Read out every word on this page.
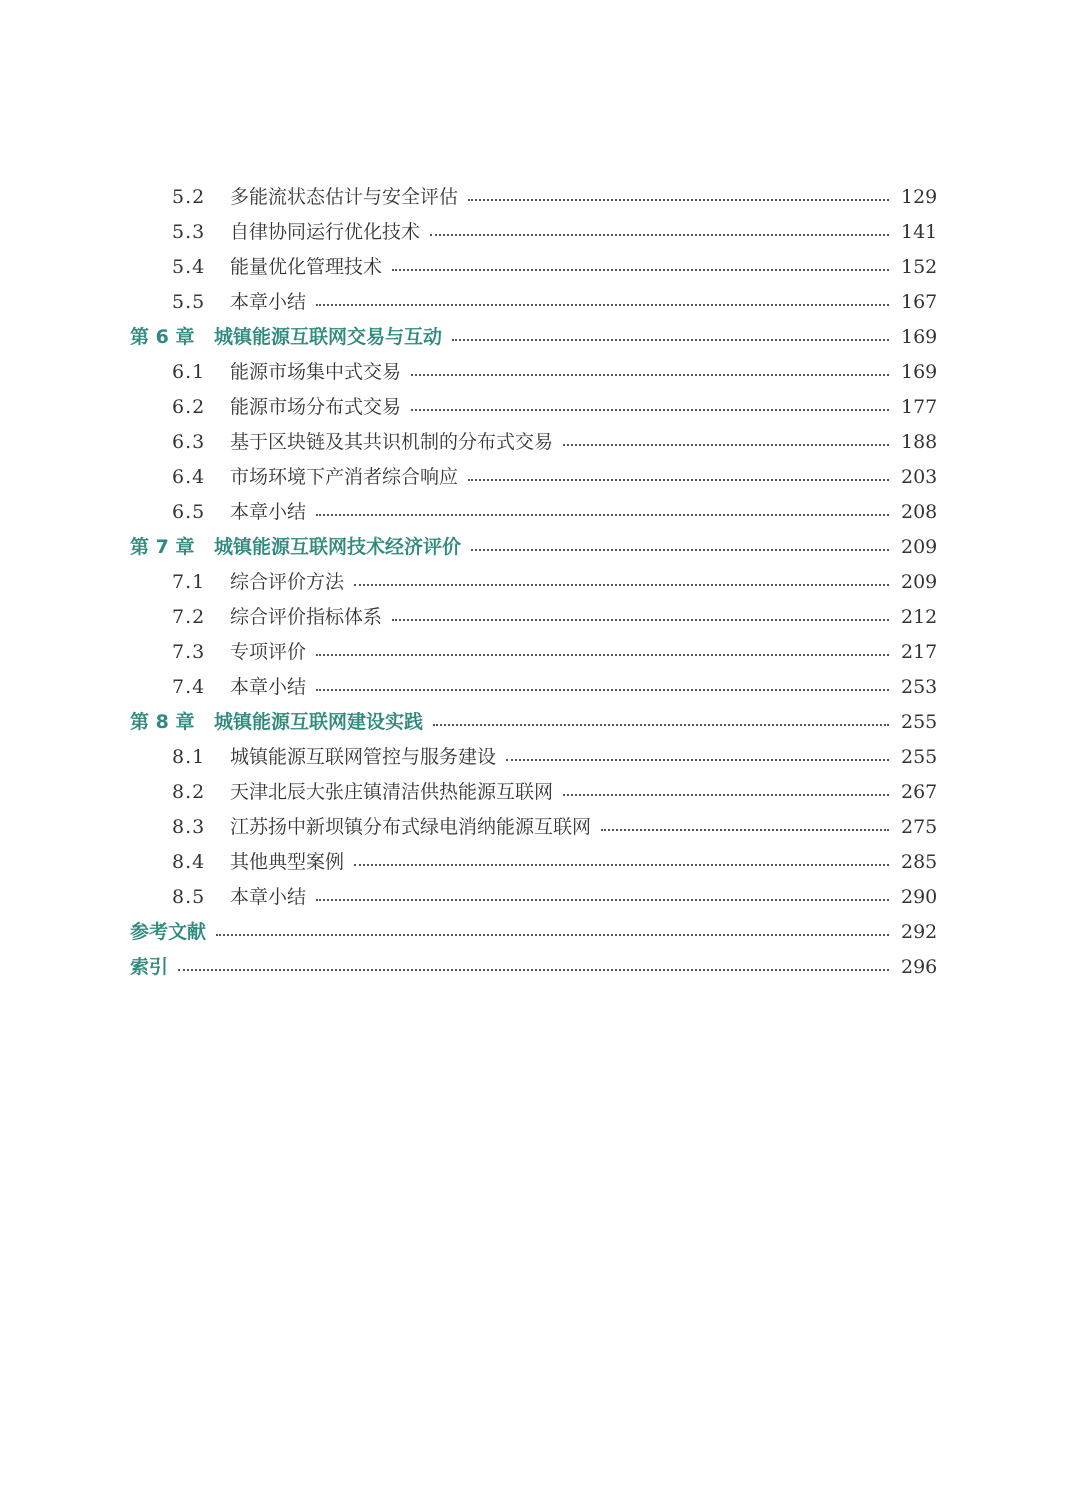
5.2	多能流状态估计与安全评估	129
5.3	自律协同运行优化技术	141
5.4	能量优化管理技术	152
5.5	本章小结	167
第 6 章	城镇能源互联网交易与互动	169
6.1	能源市场集中式交易	169
6.2	能源市场分布式交易	177
6.3	基于区块链及其共识机制的分布式交易	188
6.4	市场环境下产消者综合响应	203
6.5	本章小结	208
第 7 章	城镇能源互联网技术经济评价	209
7.1	综合评价方法	209
7.2	综合评价指标体系	212
7.3	专项评价	217
7.4	本章小结	253
第 8 章	城镇能源互联网建设实践	255
8.1	城镇能源互联网管控与服务建设	255
8.2	天津北辰大张庄镇清洁供热能源互联网	267
8.3	江苏扬中新坝镇分布式绿电消纳能源互联网	275
8.4	其他典型案例	285
8.5	本章小结	290
参考文献	292
索引	296
